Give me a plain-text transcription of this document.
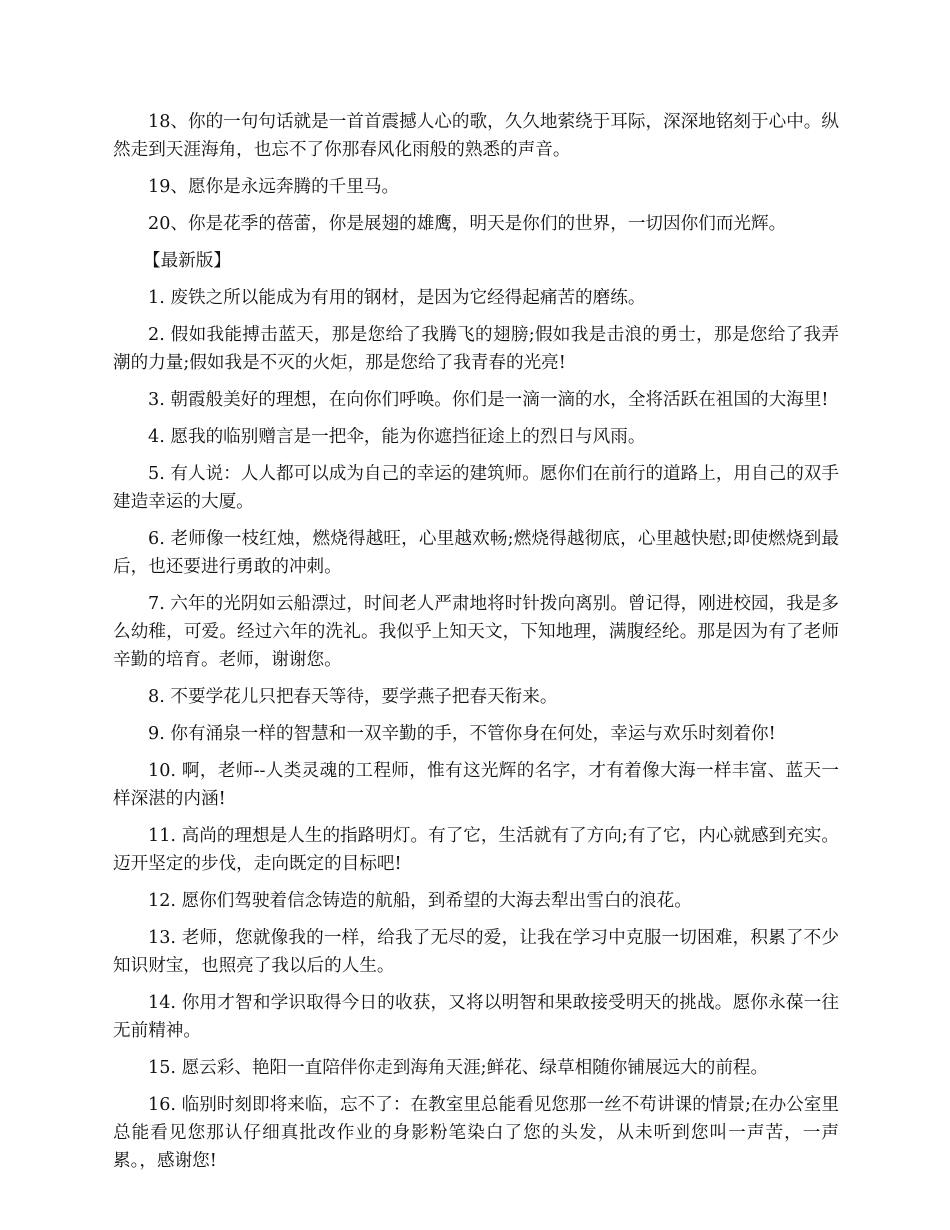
18、你的一句句话就是一首首震撼人心的歌，久久地萦绕于耳际，深深地铭刻于心中。纵然走到天涯海角，也忘不了你那春风化雨般的熟悉的声音。

19、愿你是永远奔腾的千里马。

20、你是花季的蓓蕾，你是展翅的雄鹰，明天是你们的世界，一切因你们而光辉。

【最新版】

1. 废铁之所以能成为有用的钢材，是因为它经得起痛苦的磨练。

2. 假如我能搏击蓝天，那是您给了我腾飞的翅膀;假如我是击浪的勇士，那是您给了我弄潮的力量;假如我是不灭的火炬，那是您给了我青春的光亮!

3. 朝霞般美好的理想，在向你们呼唤。你们是一滴一滴的水，全将活跃在祖国的大海里!

4. 愿我的临别赠言是一把伞，能为你遮挡征途上的烈日与风雨。

5. 有人说：人人都可以成为自己的幸运的建筑师。愿你们在前行的道路上，用自己的双手建造幸运的大厦。

6. 老师像一枝红烛，燃烧得越旺，心里越欢畅;燃烧得越彻底，心里越快慰;即使燃烧到最后，也还要进行勇敢的冲刺。

7. 六年的光阴如云船漂过，时间老人严肃地将时针拨向离别。曾记得，刚进校园，我是多么幼稚，可爱。经过六年的洗礼。我似乎上知天文，下知地理，满腹经纶。那是因为有了老师辛勤的培育。老师，谢谢您。

8. 不要学花儿只把春天等待，要学燕子把春天衔来。

9. 你有涌泉一样的智慧和一双辛勤的手，不管你身在何处，幸运与欢乐时刻着你!

10. 啊，老师--人类灵魂的工程师，惟有这光辉的名字，才有着像大海一样丰富、蓝天一样深湛的内涵!

11. 高尚的理想是人生的指路明灯。有了它，生活就有了方向;有了它，内心就感到充实。迈开坚定的步伐，走向既定的目标吧!

12. 愿你们驾驶着信念铸造的航船，到希望的大海去犁出雪白的浪花。

13. 老师，您就像我的一样，给我了无尽的爱，让我在学习中克服一切困难，积累了不少知识财宝，也照亮了我以后的人生。

14. 你用才智和学识取得今日的收获，又将以明智和果敢接受明天的挑战。愿你永葆一往无前精神。

15. 愿云彩、艳阳一直陪伴你走到海角天涯;鲜花、绿草相随你铺展远大的前程。

16. 临别时刻即将来临，忘不了：在教室里总能看见您那一丝不苟讲课的情景;在办公室里总能看见您那认仔细真批改作业的身影粉笔染白了您的头发，从未听到您叫一声苦，一声累。，感谢您!
